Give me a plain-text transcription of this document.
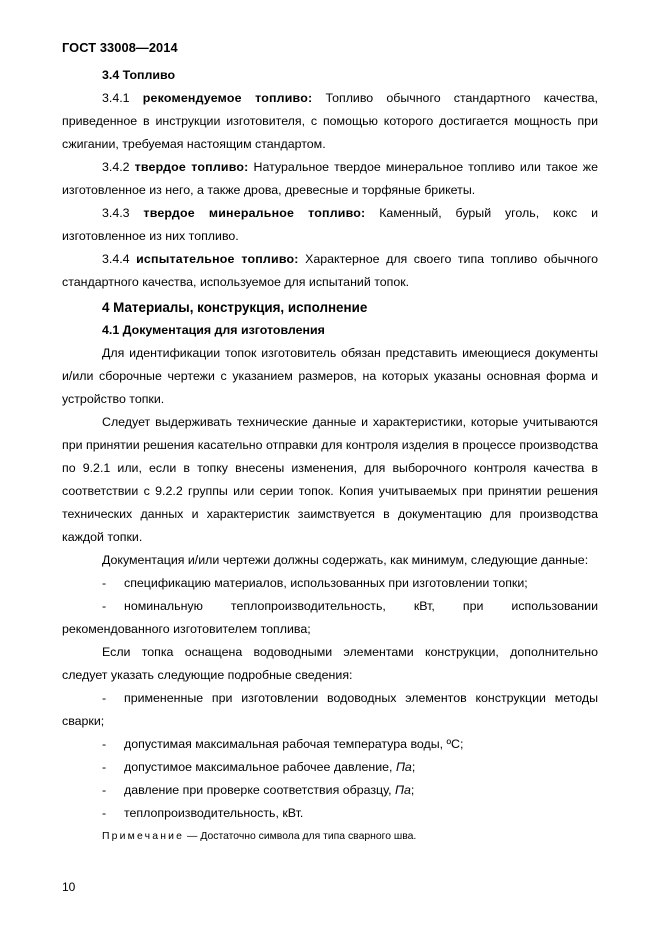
ГОСТ 33008—2014
3.4 Топливо

3.4.1 рекомендуемое топливо: Топливо обычного стандартного качества, приведенное в инструкции изготовителя, с помощью которого достигается мощность при сжигании, требуемая настоящим стандартом.

3.4.2 твердое топливо: Натуральное твердое минеральное топливо или такое же изготовленное из него, а также дрова, древесные и торфяные брикеты.

3.4.3 твердое минеральное топливо: Каменный, бурый уголь, кокс и изготовленное из них топливо.

3.4.4 испытательное топливо: Характерное для своего типа топливо обычного стандартного качества, используемое для испытаний топок.

4 Материалы, конструкция, исполнение
4.1 Документация для изготовления

Для идентификации топок изготовитель обязан представить имеющиеся документы и/или сборочные чертежи с указанием размеров, на которых указаны основная форма и устройство топки.

Следует выдерживать технические данные и характеристики, которые учитываются при принятии решения касательно отправки для контроля изделия в процессе производства по 9.2.1 или, если в топку внесены изменения, для выборочного контроля качества в соответствии с 9.2.2 группы или серии топок. Копия учитываемых при принятии решения технических данных и характеристик заимствуется в документацию для производства каждой топки.

Документация и/или чертежи должны содержать, как минимум, следующие данные:

- спецификацию материалов, использованных при изготовлении топки;
- номинальную теплопроизводительность, кВт, при использовании рекомендованного изготовителем топлива;

Если топка оснащена водоводными элементами конструкции, дополнительно следует указать следующие подробные сведения:

- примененные при изготовлении водоводных элементов конструкции методы сварки;
- допустимая максимальная рабочая температура воды, ºС;
- допустимое максимальное рабочее давление, Па;
- давление при проверке соответствия образцу, Па;
- теплопроизводительность, кВт.
Примечание — Достаточно символа для типа сварного шва.
10
